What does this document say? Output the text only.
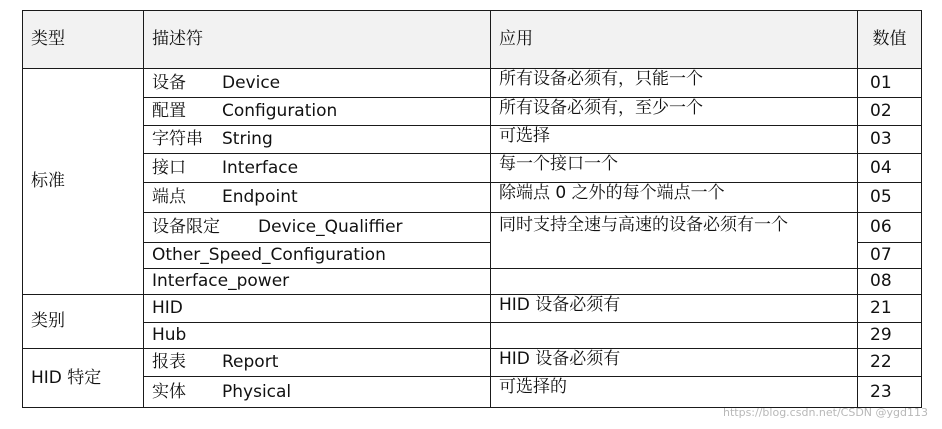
类型	描述符	应用	数值
标准	设备 Device	所有设备必须有，只能一个	01
	配置 Configuration	所有设备必须有，至少一个	02
	字符串 String	可选择	03
	接口 Interface	每一个接口一个	04
	端点 Endpoint	除端点 0 之外的每个端点一个	05
	设备限定 Device_Qualiffier	同时支持全速与高速的设备必须有一个	06
	Other_Speed_Configuration		07
	Interface_power		08
类别	HID	HID 设备必须有	21
	Hub		29
HID 特定	报表 Report	HID 设备必须有	22
	实体 Physical	可选择的	23
https://blog.csdn.net/CSDN @ygd113
